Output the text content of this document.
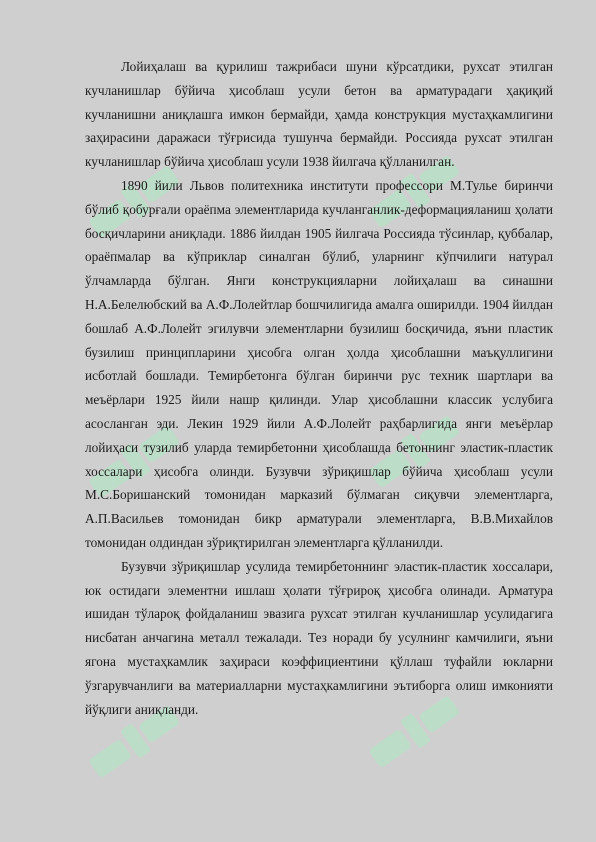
Лойиҳалаш ва қурилиш тажрибаси шуни кўрсатдики, рухсат этилган кучланишлар бўйича ҳисоблаш усули бетон ва арматурадаги ҳақиқий кучланишни аниқлашга имкон бермайди, ҳамда конструкция мустаҳкамлигини заҳирасини даражаси тўғрисида тушунча бермайди. Россияда рухсат этилган кучланишлар бўйича ҳисоблаш усули 1938 йилгача қўлланилган.

1890 йили Львов политехника институти профессори М.Тулье биринчи бўлиб қобурғали ораёпма элементларида кучланганлик-деформацияланиш ҳолати босқичларини аниқлади. 1886 йилдан 1905 йилгача Россияда тўсинлар, қуббалар, ораёпмалар ва кўприклар синалган бўлиб, уларнинг кўпчилиги натурал ўлчамларда бўлган. Янги конструкцияларни лойиҳалаш ва синашни Н.А.Белелюбский ва А.Ф.Лолейтлар бошчилигида амалга оширилди. 1904 йилдан бошлаб А.Ф.Лолейт эгилувчи элементларни бузилиш босқичида, яъни пластик бузилиш принципларини ҳисобга олган ҳолда ҳисоблашни маъқуллигини исботлай бошлади. Темирбетонга бўлган биринчи рус техник шартлари ва меъёрлари 1925 йили нашр қилинди. Улар ҳисоблашни классик услубига асосланган эди. Лекин 1929 йили А.Ф.Лолейт раҳбарлигида янги меъёрлар лойиҳаси тузилиб уларда темирбетонни ҳисоблашда бетоннинг эластик-пластик хоссалари ҳисобга олинди. Бузувчи зўриқишлар бўйича ҳисоблаш усули М.С.Боришанский томонидан марказий бўлмаган сиқувчи элементларга, А.П.Васильев томонидан бикр арматурали элементларга, В.В.Михайлов томонидан олдиндан зўриқтирилган элементларга қўлланилди.

Бузувчи зўриқишлар усулида темирбетоннинг эластик-пластик хоссалари, юк остидаги элементни ишлаш ҳолати тўғрироқ ҳисобга олинади. Арматура ишидан тўлароқ фойдаланиш эвазига рухсат этилган кучланишлар усулидагига нисбатан анчагина металл тежалади. Тез норади бу усулнинг камчилиги, яъни ягона мустаҳкамлик заҳираси коэффициентини қўллаш туфайли юкларни ўзгарувчанлиги ва материалларни мустаҳкамлигини эътиборга олиш имконияти йўқлиги аниқланди.
